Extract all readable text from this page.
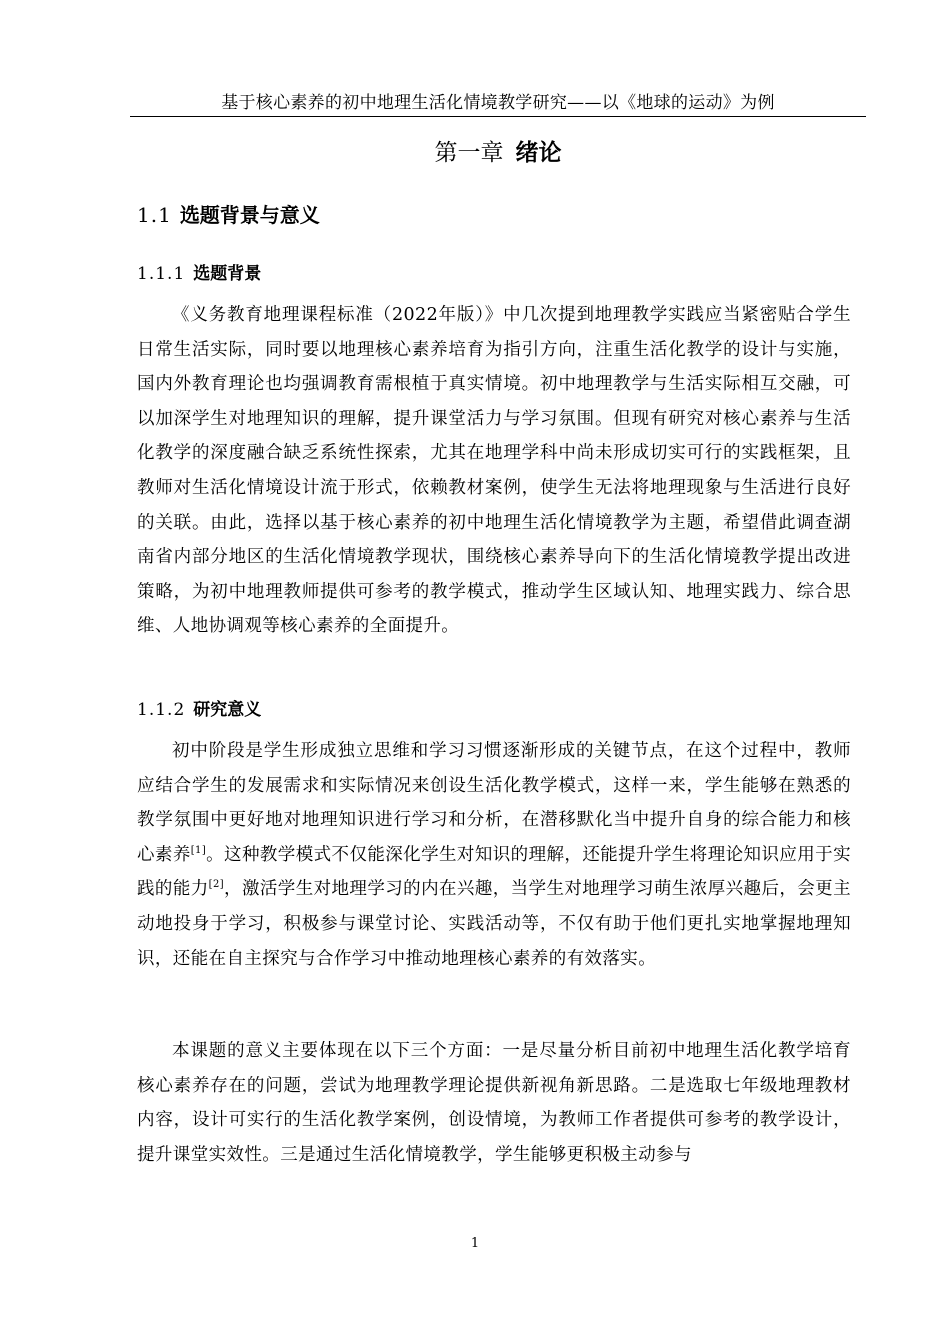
基于核心素养的初中地理生活化情境教学研究——以《地球的运动》为例
第一章 绪论
1.1 选题背景与意义
1.1.1 选题背景

《义务教育地理课程标准（2022年版）》中几次提到地理教学实践应当紧密贴合学生日常生活实际，同时要以地理核心素养培育为指引方向，注重生活化教学的设计与实施，国内外教育理论也均强调教育需根植于真实情境。初中地理教学与生活实际相互交融，可以加深学生对地理知识的理解，提升课堂活力与学习氛围。但现有研究对核心素养与生活化教学的深度融合缺乏系统性探索，尤其在地理学科中尚未形成切实可行的实践框架，且教师对生活化情境设计流于形式，依赖教材案例，使学生无法将地理现象与生活进行良好的关联。由此，选择以基于核心素养的初中地理生活化情境教学为主题，希望借此调查湖南省内部分地区的生活化情境教学现状，围绕核心素养导向下的生活化情境教学提出改进策略，为初中地理教师提供可参考的教学模式，推动学生区域认知、地理实践力、综合思维、人地协调观等核心素养的全面提升。

1.1.2 研究意义

初中阶段是学生形成独立思维和学习习惯逐渐形成的关键节点，在这个过程中，教师应结合学生的发展需求和实际情况来创设生活化教学模式，这样一来，学生能够在熟悉的教学氛围中更好地对地理知识进行学习和分析，在潜移默化当中提升自身的综合能力和核心素养[1]。这种教学模式不仅能深化学生对知识的理解，还能提升学生将理论知识应用于实践的能力[2]，激活学生对地理学习的内在兴趣，当学生对地理学习萌生浓厚兴趣后，会更主动地投身于学习，积极参与课堂讨论、实践活动等，不仅有助于他们更扎实地掌握地理知识，还能在自主探究与合作学习中推动地理核心素养的有效落实。

本课题的意义主要体现在以下三个方面：一是尽量分析目前初中地理生活化教学培育核心素养存在的问题，尝试为地理教学理论提供新视角新思路。二是选取七年级地理教材内容，设计可实行的生活化教学案例，创设情境，为教师工作者提供可参考的教学设计，提升课堂实效性。三是通过生活化情境教学，学生能够更积极主动参与

1
